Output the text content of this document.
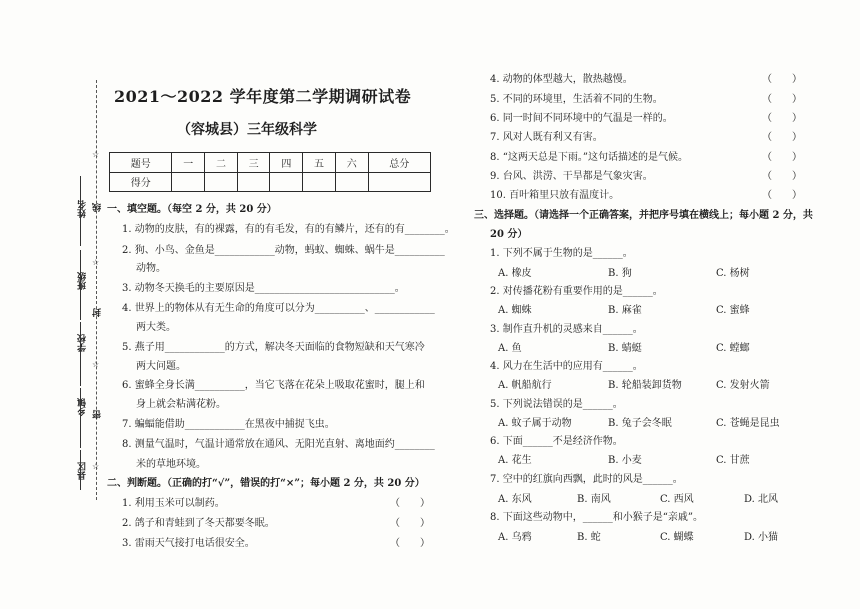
姓名
班级
学校
乡镇
县区
线
封
密
☆
☆
☆
☆
2021～2022 学年度第二学期调研试卷
（容城县）三年级科学
题号	一	二	三	四	五	六	总分
得分							
一、填空题。（每空 2 分，共 20 分）
1. 动物的皮肤，有的裸露，有的有毛发，有的有鳞片，还有的有________。
2. 狗、小鸟、金鱼是____________动物，蚂蚁、蜘蛛、蜗牛是__________
动物。
3. 动物冬天换毛的主要原因是____________________________。
4. 世界上的物体从有无生命的角度可以分为__________、____________
两大类。
5. 燕子用____________的方式，解决冬天面临的食物短缺和天气寒冷
两大问题。
6. 蜜蜂全身长满__________，当它飞落在花朵上吸取花蜜时，腿上和
身上就会粘满花粉。
7. 蝙蝠能借助____________在黑夜中捕捉飞虫。
8. 测量气温时，气温计通常放在通风、无阳光直射、离地面约________
米的草地环境。
二、判断题。（正确的打“√”，错误的打“×”；每小题 2 分，共 20 分）
1. 利用玉米可以制药。	（　　）
2. 鸽子和青蛙到了冬天都要冬眠。	（　　）
3. 雷雨天气接打电话很安全。	（　　）
4. 动物的体型越大，散热越慢。	（　　）
5. 不同的环境里，生活着不同的生物。	（　　）
6. 同一时间不同环境中的气温是一样的。	（　　）
7. 风对人既有利又有害。	（　　）
8. “这两天总是下雨。”这句话描述的是气候。	（　　）
9. 台风、洪涝、干旱都是气象灾害。	（　　）
10. 百叶箱里只放有温度计。	（　　）
三、选择题。（请选择一个正确答案，并把序号填在横线上；每小题 2 分，共
20 分）
1. 下列不属于生物的是______。
A. 橡皮	B. 狗	C. 杨树
2. 对传播花粉有重要作用的是______。
A. 蜘蛛	B. 麻雀	C. 蜜蜂
3. 制作直升机的灵感来自______。
A. 鱼	B. 蜻蜓	C. 螳螂
4. 风力在生活中的应用有______。
A. 帆船航行	B. 轮船装卸货物	C. 发射火箭
5. 下列说法错误的是______。
A. 蚊子属于动物	B. 兔子会冬眠	C. 苍蝇是昆虫
6. 下面______不是经济作物。
A. 花生	B. 小麦	C. 甘蔗
7. 空中的红旗向西飘，此时的风是______。
A. 东风	B. 南风	C. 西风	D. 北风
8. 下面这些动物中，______和小猴子是“亲戚”。
A. 乌鸦	B. 蛇	C. 蝴蝶	D. 小猫
